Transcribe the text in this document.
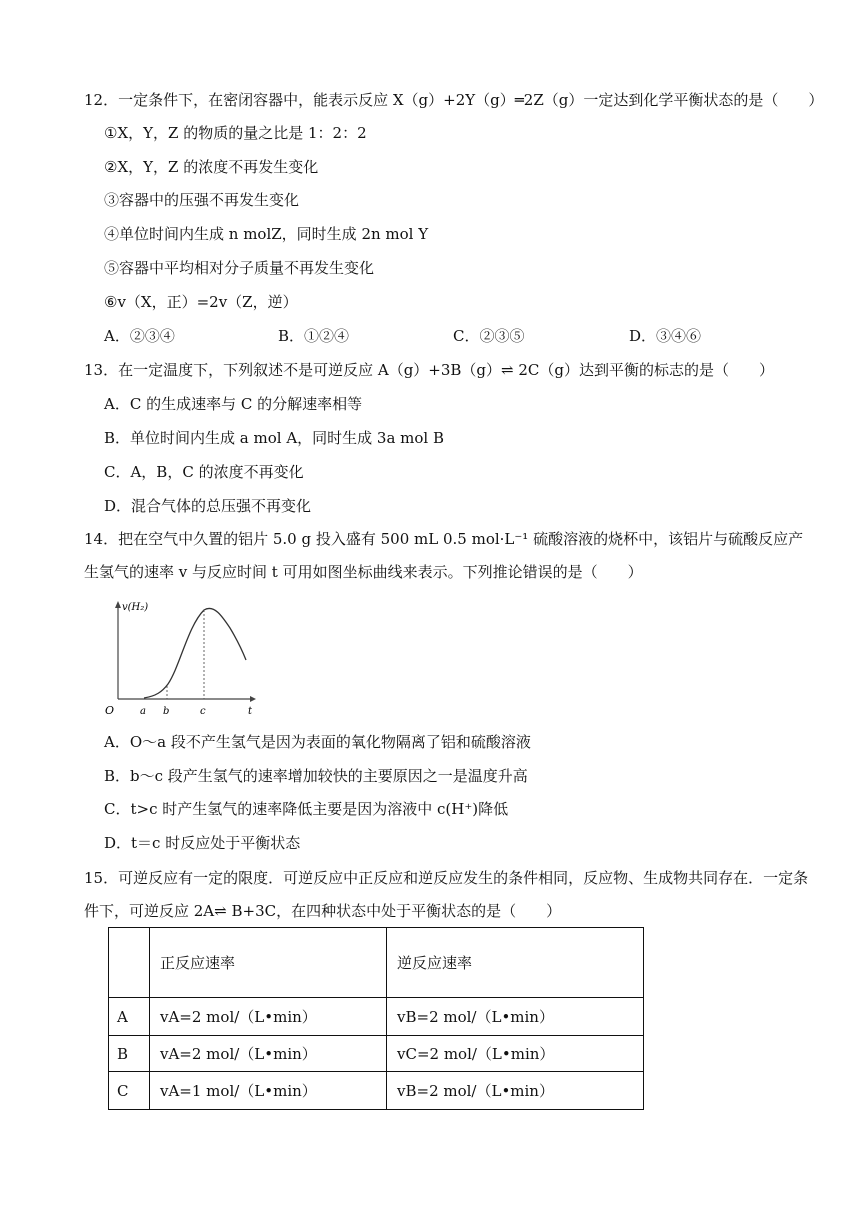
12．一定条件下，在密闭容器中，能表示反应 X（g）+2Y（g）═2Z（g）一定达到化学平衡状态的是（　　）
①X，Y，Z 的物质的量之比是 1：2：2
②X，Y，Z 的浓度不再发生变化
③容器中的压强不再发生变化
④单位时间内生成 n molZ，同时生成 2n mol Y
⑤容器中平均相对分子质量不再发生变化
⑥v（X，正）=2v（Z，逆）
A．②③④	B．①②④	C．②③⑤	D．③④⑥
13．在一定温度下，下列叙述不是可逆反应 A（g）+3B（g）⇌ 2C（g）达到平衡的标志的是（　　）
A．C 的生成速率与 C 的分解速率相等
B．单位时间内生成 a mol A，同时生成 3a mol B
C．A，B，C 的浓度不再变化
D．混合气体的总压强不再变化
14．把在空气中久置的铝片 5.0 g 投入盛有 500 mL 0.5 mol·L⁻¹ 硫酸溶液的烧杯中，该铝片与硫酸反应产生氢气的速率 v 与反应时间 t 可用如图坐标曲线来表示。下列推论错误的是（　　）
v(H₂)
O	a b	c	t
A．O～a 段不产生氢气是因为表面的氧化物隔离了铝和硫酸溶液
B．b～c 段产生氢气的速率增加较快的主要原因之一是温度升高
C．t>c 时产生氢气的速率降低主要是因为溶液中 c(H⁺)降低
D．t＝c 时反应处于平衡状态
15．可逆反应有一定的限度．可逆反应中正反应和逆反应发生的条件相同，反应物、生成物共同存在．一定条件下，可逆反应 2A⇌ B+3C，在四种状态中处于平衡状态的是（　　）
	正反应速率	逆反应速率
A	vA=2 mol/（L•min）	vB=2 mol/（L•min）
B	vA=2 mol/（L•min）	vC=2 mol/（L•min）
C	vA=1 mol/（L•min）	vB=2 mol/（L•min）
